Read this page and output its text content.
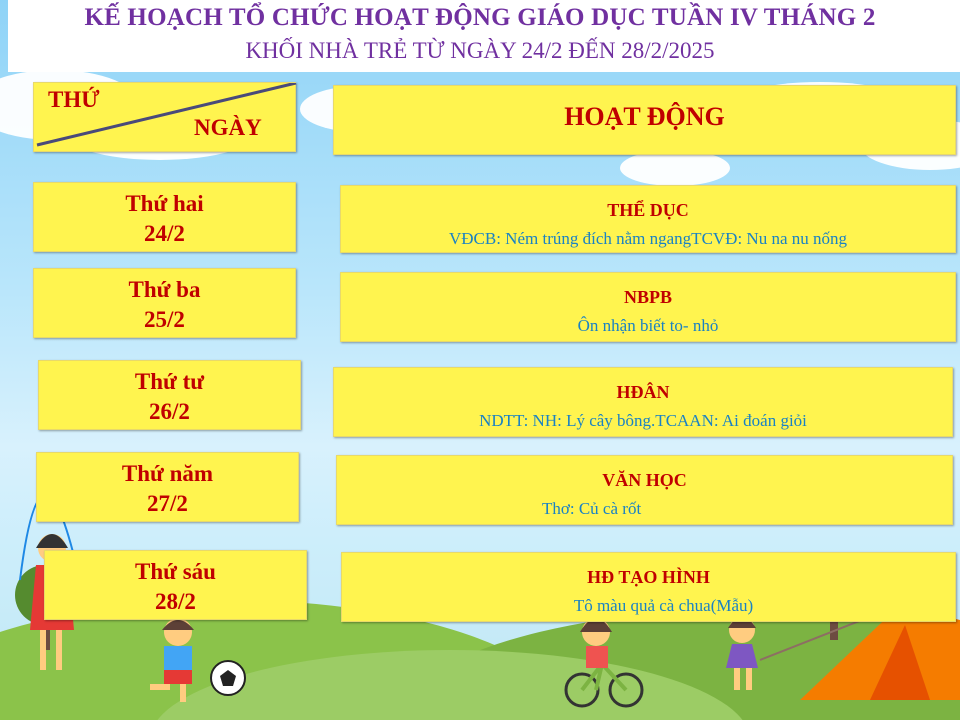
KẾ HOẠCH TỔ CHỨC HOẠT ĐỘNG GIÁO DỤC TUẦN IV THÁNG 2
KHỐI NHÀ TRẺ TỪ NGÀY 24/2 ĐẾN 28/2/2025
THỨ
NGÀY	HOẠT ĐỘNG
Thứ hai
24/2
THỂ DỤC
VĐCB: Ném trúng đích nằm ngangTCVĐ: Nu na nu nống
Thứ ba
25/2
NBPB
Ôn nhận biết to- nhỏ
Thứ tư
26/2
HĐÂN
NDTT: NH: Lý cây bông.TCAAN: Ai đoán giỏi
Thứ năm
27/2
VĂN HỌC
Thơ: Củ cà rốt
Thứ sáu
28/2
HĐ TẠO HÌNH
Tô màu quả cà chua(Mẫu)
